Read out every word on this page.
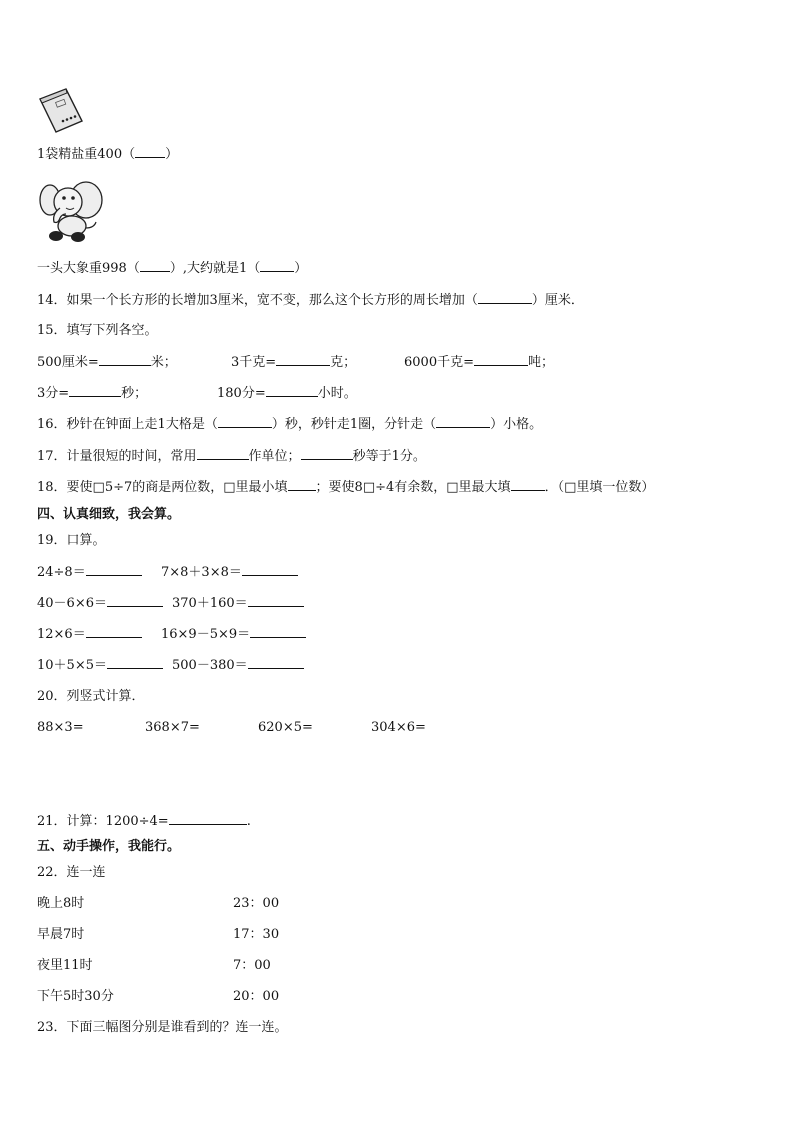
1袋精盐重400（ ）
一头大象重998（ ）,大约就是1（	）
14．如果一个长方形的长增加3厘米，宽不变，那么这个长方形的周长增加（	）厘米．
15．填写下列各空。
500厘米=	米；	3千克=	克；	6000千克=	吨；
3分=	秒；	180分=	小时。
16．秒针在钟面上走1大格是（	）秒，秒针走1圈，分针走（	）小格。
17．计量很短的时间，常用	作单位；	秒等于1分。
18．要使□5÷7的商是两位数，□里最小填 ；要使8□÷4有余数，□里最大填	．（□里填一位数）
四、认真细致，我会算。
19．口算。
24÷8＝	7×8＋3×8＝
40－6×6＝	370＋160＝
12×6＝	16×9－5×9＝
10＋5×5＝	500－380＝
20．列竖式计算．
88×3=	368×7=	620×5=	304×6=
21．计算：1200÷4=	.
五、动手操作，我能行。
22．连一连
晚上8时	23：00
早晨7时	17：30
夜里11时	7：00
下午5时30分	20：00
23．下面三幅图分别是谁看到的？连一连。
